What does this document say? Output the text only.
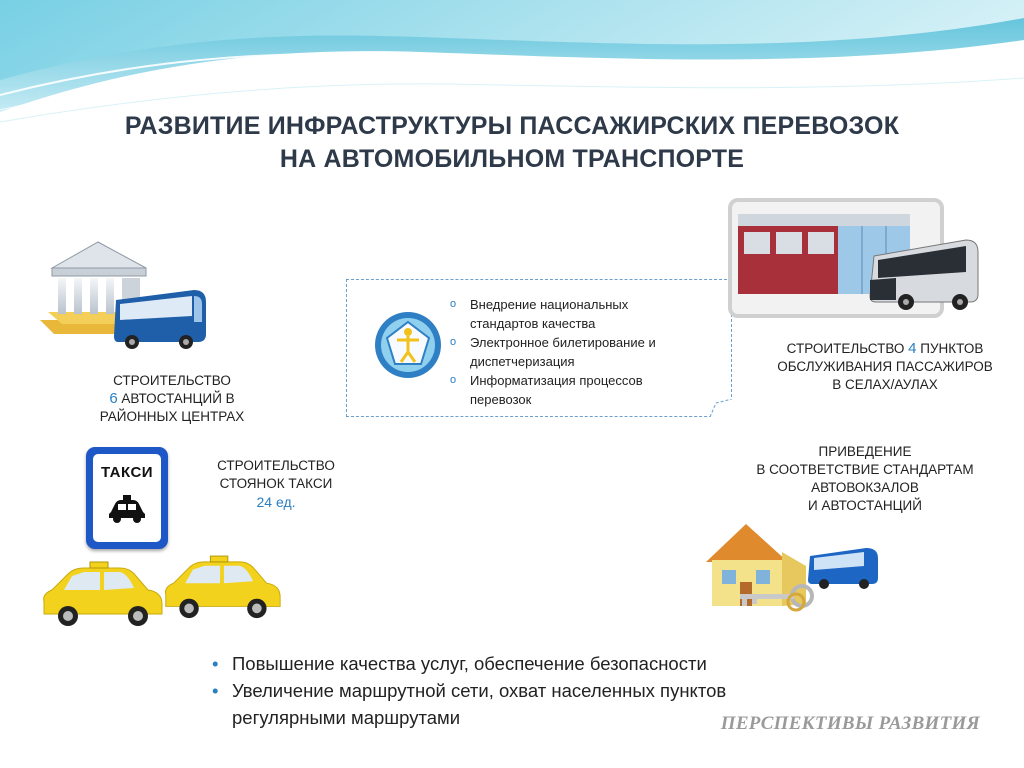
РАЗВИТИЕ ИНФРАСТРУКТУРЫ ПАССАЖИРСКИХ ПЕРЕВОЗОК
НА АВТОМОБИЛЬНОМ ТРАНСПОРТЕ
СТРОИТЕЛЬСТВО
6 АВТОСТАНЦИЙ В
РАЙОННЫХ ЦЕНТРАХ
ТАКСИ	СТРОИТЕЛЬСТВО
СТОЯНОК ТАКСИ
24 ед.
o Внедрение национальных
стандартов качества
o Электронное билетирование и
диспетчеризация
o Информатизация процессов
перевозок
СТРОИТЕЛЬСТВО 4 ПУНКТОВ
ОБСЛУЖИВАНИЯ ПАССАЖИРОВ
В СЕЛАХ/АУЛАХ
ПРИВЕДЕНИЕ
В СООТВЕТСТВИЕ СТАНДАРТАМ
АВТОВОКЗАЛОВ
И АВТОСТАНЦИЙ
• Повышение качества услуг, обеспечение безопасности
• Увеличение маршрутной сети, охват населенных пунктов
регулярными маршрутами	ПЕРСПЕКТИВЫ РАЗВИТИЯ
